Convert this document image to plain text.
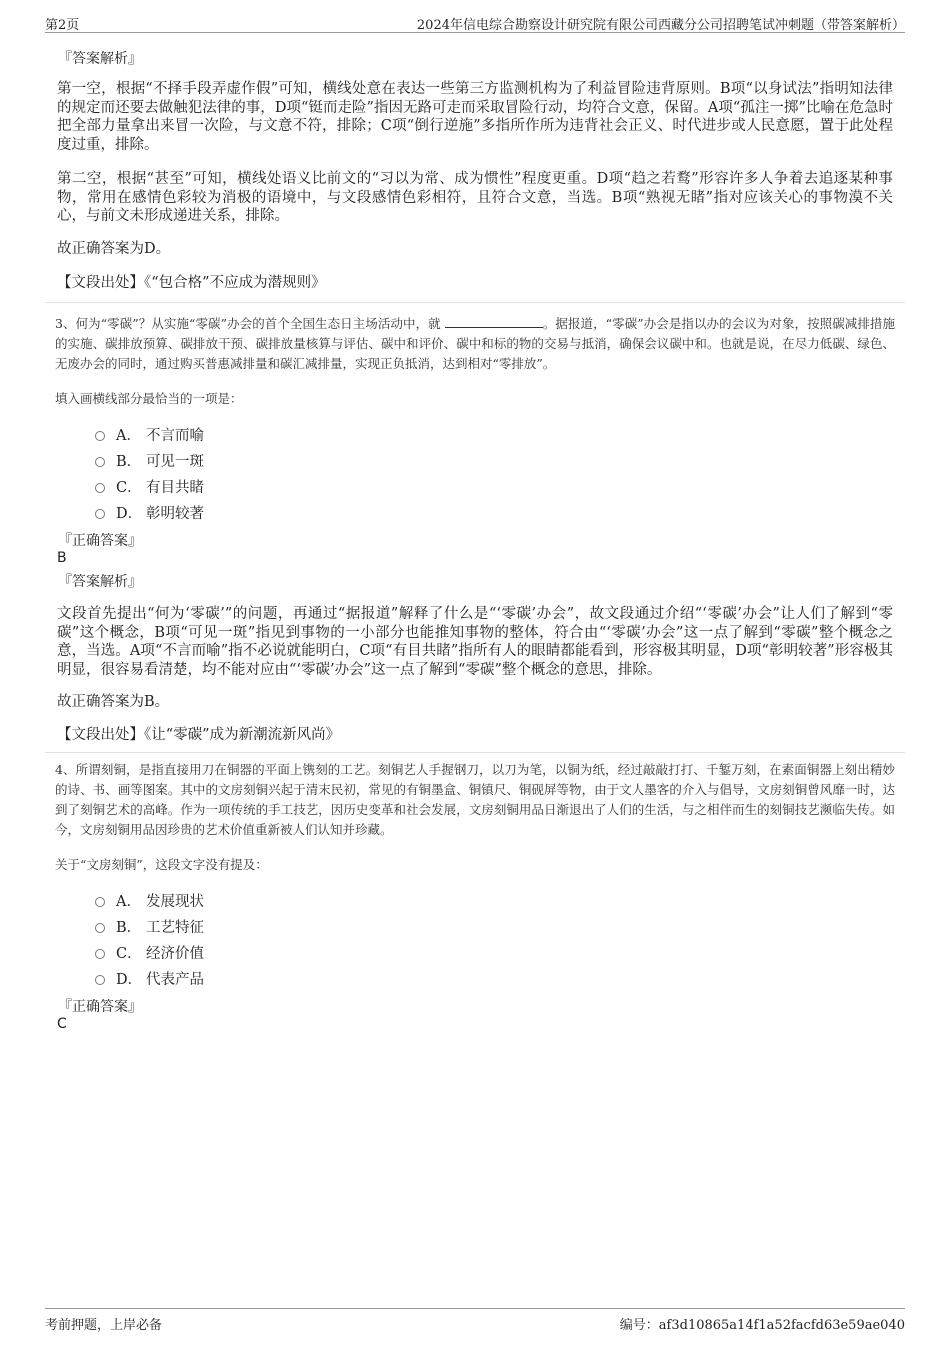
第2页	2024年信电综合勘察设计研究院有限公司西藏分公司招聘笔试冲刺题（带答案解析）
『答案解析』
第一空，根据“不择手段弄虚作假”可知，横线处意在表达一些第三方监测机构为了利益冒险违背原则。B项“以身试法”指明知法律的规定而还要去做触犯法律的事，D项“铤而走险”指因无路可走而采取冒险行动，均符合文意，保留。A项“孤注一掷”比喻在危急时把全部力量拿出来冒一次险，与文意不符，排除；C项“倒行逆施”多指所作所为违背社会正义、时代进步或人民意愿，置于此处程度过重，排除。
第二空，根据“甚至”可知，横线处语义比前文的“习以为常、成为惯性”程度更重。D项“趋之若鹜”形容许多人争着去追逐某种事物，常用在感情色彩较为消极的语境中，与文段感情色彩相符，且符合文意，当选。B项“熟视无睹”指对应该关心的事物漠不关心，与前文未形成递进关系，排除。
故正确答案为D。
【文段出处】《“包合格”不应成为潜规则》
3、何为“零碳”？从实施“零碳”办会的首个全国生态日主场活动中，就	。据报道，“零碳”办会是指以办的会议为对象，按照碳减排措施的实施、碳排放预算、碳排放干预、碳排放量核算与评估、碳中和评价、碳中和标的物的交易与抵消，确保会议碳中和。也就是说，在尽力低碳、绿色、无废办会的同时，通过购买普惠减排量和碳汇减排量，实现正负抵消，达到相对“零排放”。
填入画横线部分最恰当的一项是：
A． 不言而喻
B． 可见一斑
C． 有目共睹
D． 彰明较著
『正确答案』
B
『答案解析』
文段首先提出“何为‘零碳’”的问题，再通过“据报道”解释了什么是“‘零碳’办会”，故文段通过介绍“‘零碳’办会”让人们了解到“零碳”这个概念，B项“可见一斑”指见到事物的一小部分也能推知事物的整体，符合由“‘零碳’办会”这一点了解到“零碳”整个概念之意，当选。A项“不言而喻”指不必说就能明白，C项“有目共睹”指所有人的眼睛都能看到，形容极其明显，D项“彰明较著”形容极其明显，很容易看清楚，均不能对应由“‘零碳’办会”这一点了解到“零碳”整个概念的意思，排除。
故正确答案为B。
【文段出处】《让“零碳”成为新潮流新风尚》
4、所谓刻铜，是指直接用刀在铜器的平面上镌刻的工艺。刻铜艺人手握钢刀，以刀为笔，以铜为纸，经过敲敲打打、千錾万刻，在素面铜器上刻出精妙的诗、书、画等图案。其中的文房刻铜兴起于清末民初，常见的有铜墨盒、铜镇尺、铜砚屏等物，由于文人墨客的介入与倡导，文房刻铜曾风靡一时，达到了刻铜艺术的高峰。作为一项传统的手工技艺，因历史变革和社会发展，文房刻铜用品日渐退出了人们的生活，与之相伴而生的刻铜技艺濒临失传。如今，文房刻铜用品因珍贵的艺术价值重新被人们认知并珍藏。
关于“文房刻铜”，这段文字没有提及：
A． 发展现状
B． 工艺特征
C． 经济价值
D． 代表产品
『正确答案』
C
考前押题，上岸必备	编号：af3d10865a14f1a52facfd63e59ae040
